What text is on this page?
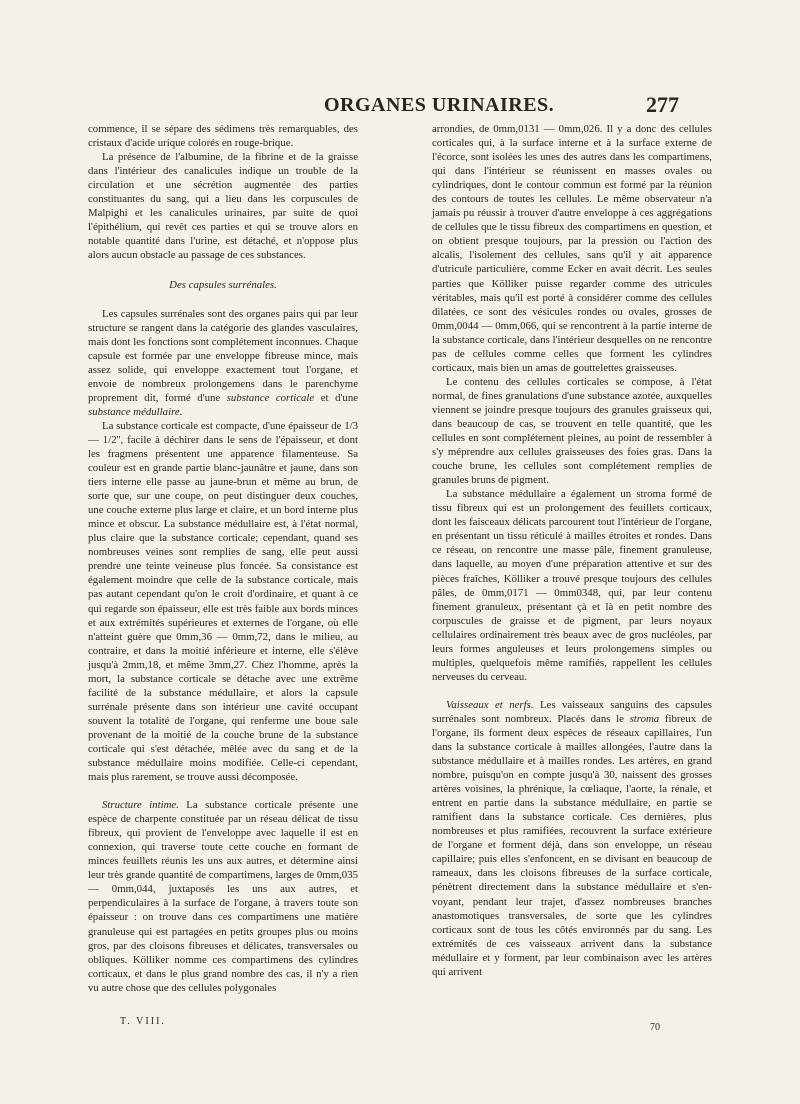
ORGANES URINAIRES.	277

commence, il se sépare des sédimens très remarquables, des cristaux d'acide urique colorés en rouge-brique.

La présence de l'albumine, de la fibrine et de la graisse dans l'intérieur des canalicules indique un trouble de la circulation et une sécrétion augmentée des parties constituantes du sang, qui a lieu dans les corpuscules de Malpighi et les canalicules urinaires, par suite de quoi l'épithélium, qui revêt ces parties et qui se trouve alors en notable quantité dans l'urine, est détaché, et n'oppose plus alors aucun obstacle au passage de ces substances.

Des capsules surrénales.

Les capsules surrénales sont des organes pairs qui par leur structure se rangent dans la catégorie des glandes vasculaires, mais dont les fonctions sont complétement inconnues. Chaque capsule est formée par une enveloppe fibreuse mince, mais assez solide, qui enveloppe exactement tout l'organe, et envoie de nombreux prolongemens dans le parenchyme proprement dit, formé d'une substance corticale et d'une substance médullaire.

La substance corticale est compacte, d'une épaisseur de 1/3 — 1/2'', facile à déchirer dans le sens de l'épaisseur, et dont les fragmens présentent une apparence filamenteuse. Sa couleur est en grande partie blanc-jaunâtre et jaune, dans son tiers interne elle passe au jaune-brun et même au brun, de sorte que, sur une coupe, on peut distinguer deux couches, une couche externe plus large et claire, et un bord interne plus mince et obscur. La substance médullaire est, à l'état normal, plus claire que la substance corticale; cependant, quand ses nombreuses veines sont remplies de sang, elle peut aussi prendre une teinte veineuse plus foncée. Sa consistance est également moindre que celle de la substance corticale, mais pas autant cependant qu'on le croit d'ordinaire, et quant à ce qui regarde son épaisseur, elle est très faible aux bords minces et aux extrémités supérieures et externes de l'organe, où elle n'atteint guère que 0mm,36 — 0mm,72, dans le milieu, au contraire, et dans la moitié inférieure et interne, elle s'élève jusqu'à 2mm,18, et même 3mm,27. Chez l'homme, après la mort, la substance corticale se détache avec une extrême facilité de la substance médullaire, et alors la capsule surrénale présente dans son intérieur une cavité occupant souvent la totalité de l'organe, qui renferme une boue sale provenant de la moitié de la couche brune de la substance corticale qui s'est détachée, mêlée avec du sang et de la substance médullaire moins modifiée. Celle-ci cependant, mais plus rarement, se trouve aussi décomposée.

Structure intime. La substance corticale présente une espèce de charpente constituée par un réseau délicat de tissu fibreux, qui provient de l'enveloppe avec laquelle il est en connexion, qui traverse toute cette couche en formant de minces feuillets réunis les uns aux autres, et détermine ainsi leur très grande quantité de compartimens, larges de 0mm,035 — 0mm,044, juxtaposés les uns aux autres, et perpendiculaires à la surface de l'organe, à travers toute son épaisseur : on trouve dans ces compartimens une matière granuleuse qui est partagées en petits groupes plus ou moins gros, par des cloisons fibreuses et délicates, transversales ou obliques. Kölliker nomme ces compartimens des cylindres corticaux, et dans le plus grand nombre des cas, il n'y a rien vu autre chose que des cellules polygonales

arrondies, de 0mm,0131 — 0mm,026. Il y a donc des cellules corticales qui, à la surface interne et à la surface externe de l'écorce, sont isolées les unes des autres dans les compartimens, qui dans l'intérieur se réunissent en masses ovales ou cylindriques, dont le contour commun est formé par la réunion des contours de toutes les cellules. Le même observateur n'a jamais pu réussir à trouver d'autre enveloppe à ces aggrégations de cellules que le tissu fibreux des compartimens en question, et on obtient presque toujours, par la pression ou l'action des alcalis, l'isolement des cellules, sans qu'il y ait apparence d'utricule particulière, comme Ecker en avait décrit. Les seules parties que Kölliker puisse regarder comme des utricules véritables, mais qu'il est porté à considérer comme des cellules dilatées, ce sont des vésicules rondes ou ovales, grosses de 0mm,0044 — 0mm,066, qui se rencontrent à la partie interne de la substance corticale, dans l'intérieur desquelles on ne rencontre pas de cellules comme celles que forment les cylindres corticaux, mais bien un amas de gouttelettes graisseuses.

Le contenu des cellules corticales se compose, à l'état normal, de fines granulations d'une substance azotée, auxquelles viennent se joindre presque toujours des granules graisseux qui, dans beaucoup de cas, se trouvent en telle quantité, que les cellules en sont complétement pleines, au point de ressembler à s'y méprendre aux cellules graisseuses des foies gras. Dans la couche brune, les cellules sont complétement remplies de granules bruns de pigment.

La substance médullaire a également un stroma formé de tissu fibreux qui est un prolongement des feuillets corticaux, dont les faisceaux délicats parcourent tout l'intérieur de l'organe, en présentant un tissu réticulé à mailles étroites et rondes. Dans ce réseau, on rencontre une masse pâle, finement granuleuse, dans laquelle, au moyen d'une préparation attentive et sur des pièces fraîches, Kölliker a trouvé presque toujours des cellules pâles, de 0mm,0171 — 0mm0348, qui, par leur contenu finement granuleux, présentant çà et là en petit nombre des corpuscules de graisse et de pigment, par leurs noyaux cellulaires ordinairement très beaux avec de gros nucléoles, par leurs formes anguleuses et leurs prolongemens simples ou multiples, quelquefois même ramifiés, rappellent les cellules nerveuses du cerveau.

Vaisseaux et nerfs. Les vaisseaux sanguins des capsules surrénales sont nombreux. Placés dans le stroma fibreux de l'organe, ils forment deux espèces de réseaux capillaires, l'un dans la substance corticale à mailles allongées, l'autre dans la substance médullaire et à mailles rondes. Les artères, en grand nombre, puisqu'on en compte jusqu'à 30, naissent des grosses artères voisines, la phrénique, la cœliaque, l'aorte, la rénale, et entrent en partie dans la substance médullaire, en partie se ramifient dans la substance corticale. Ces dernières, plus nombreuses et plus ramifiées, recouvrent la surface extérieure de l'organe et forment déjà, dans son enveloppe, un réseau capillaire; puis elles s'enfoncent, en se divisant en beaucoup de rameaux, dans les cloisons fibreuses de la surface corticale, pénètrent directement dans la substance médullaire et s'en-voyant, pendant leur trajet, d'assez nombreuses branches anastomotiques transversales, de sorte que les cylindres corticaux sont de tous les côtés environnés par du sang. Les extrémités de ces vaisseaux arrivent dans la substance médullaire et y forment, par leur combinaison avec les artères qui arrivent

T. VIII.
70
